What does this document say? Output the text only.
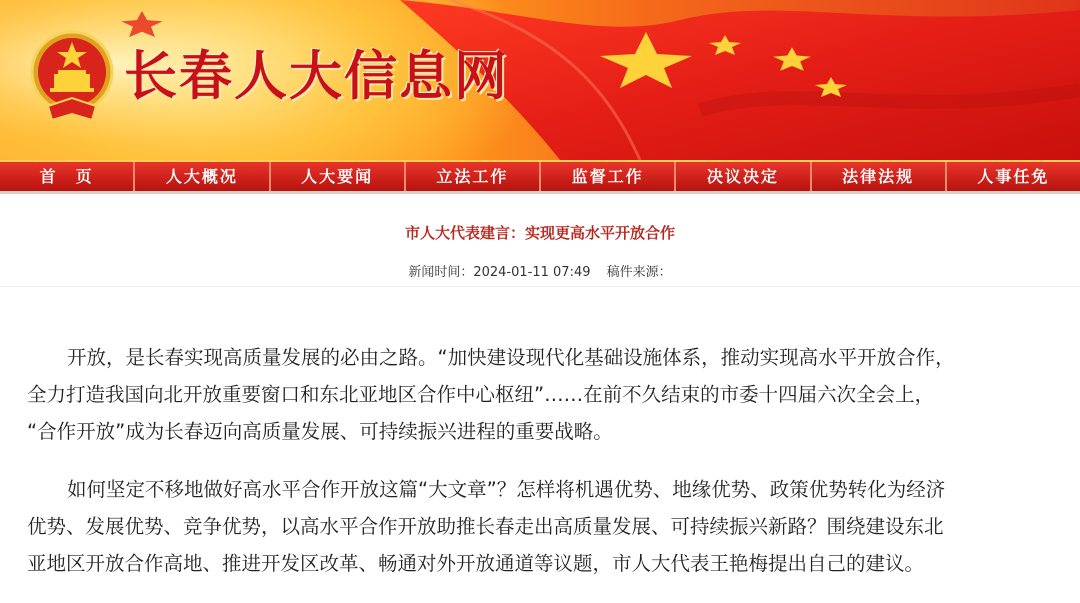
长春人大信息网
首　页	人大概况	人大要闻	立法工作	监督工作	决议决定	法律法规	人事任免
市人大代表建言：实现更高水平开放合作
新闻时间：2024-01-11 07:49 稿件来源：
开放，是长春实现高质量发展的必由之路。“加快建设现代化基础设施体系，推动实现高水平开放合作，
全力打造我国向北开放重要窗口和东北亚地区合作中心枢纽”……在前不久结束的市委十四届六次全会上，
“合作开放”成为长春迈向高质量发展、可持续振兴进程的重要战略。
如何坚定不移地做好高水平合作开放这篇“大文章”？怎样将机遇优势、地缘优势、政策优势转化为经济
优势、发展优势、竞争优势，以高水平合作开放助推长春走出高质量发展、可持续振兴新路？围绕建设东北
亚地区开放合作高地、推进开发区改革、畅通对外开放通道等议题，市人大代表王艳梅提出自己的建议。
